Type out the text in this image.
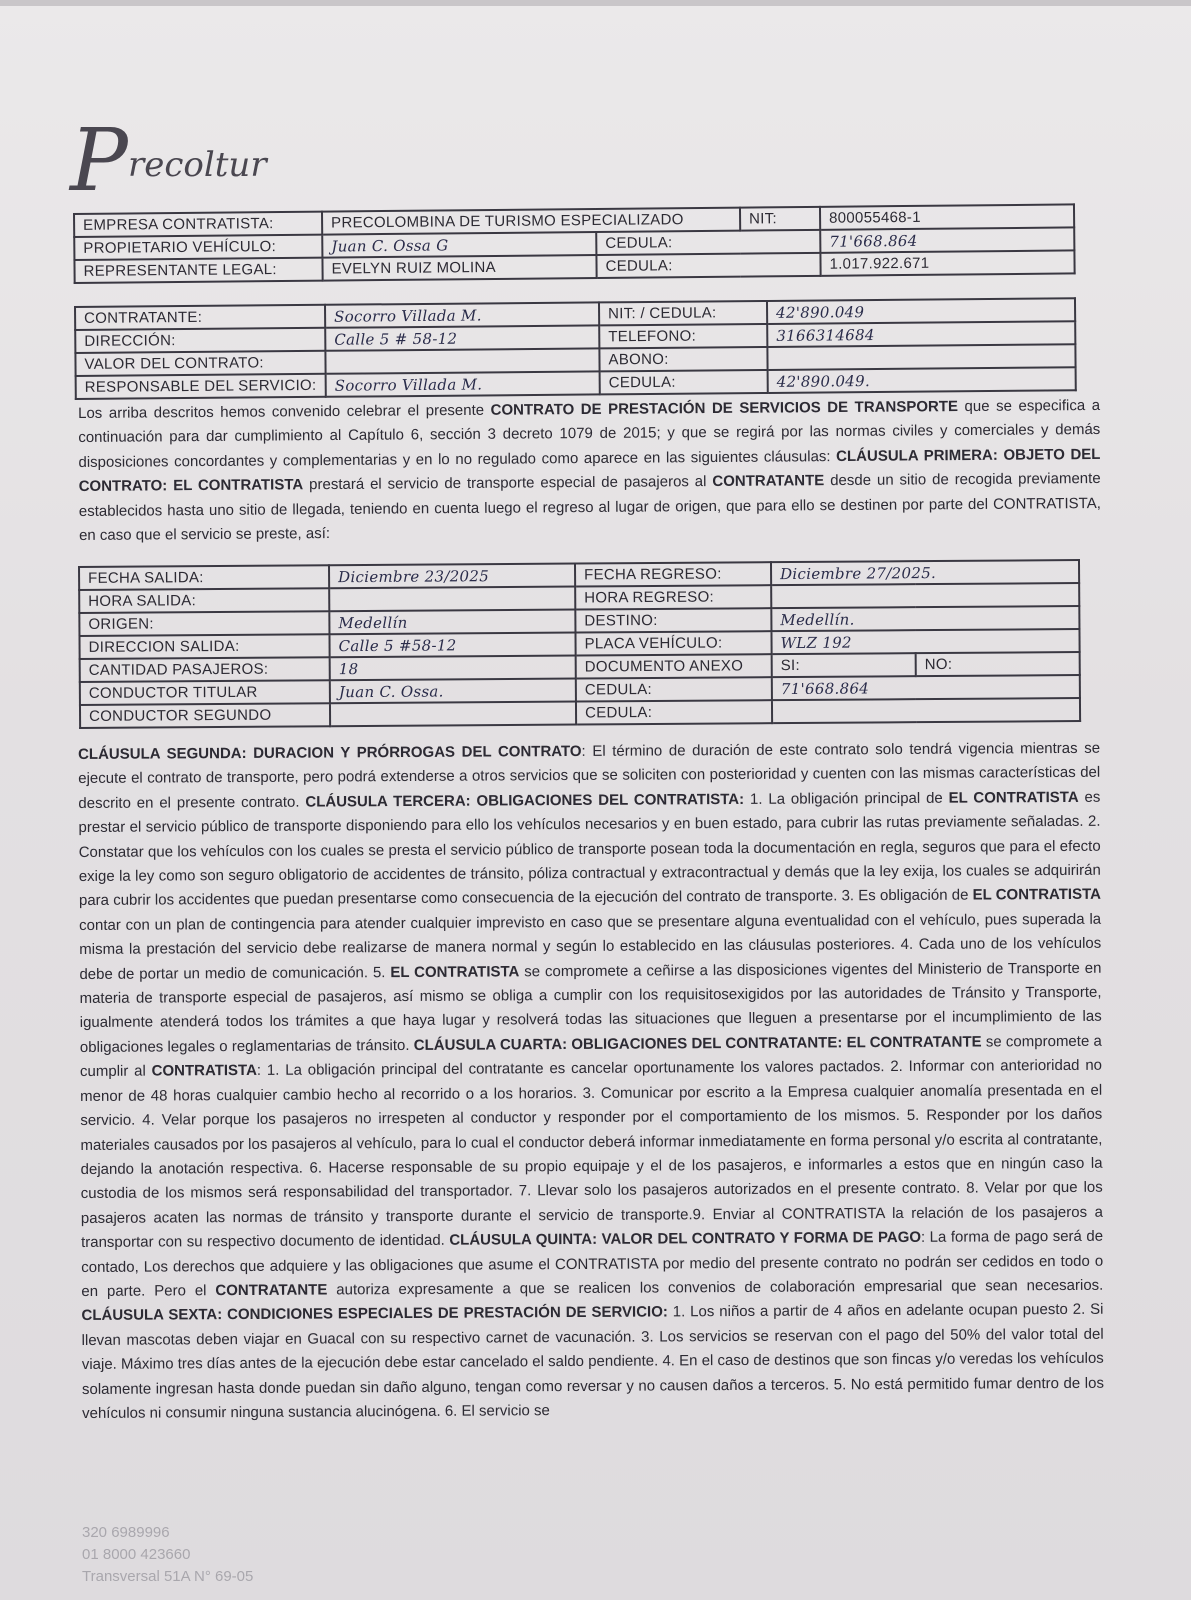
P recoltur
EMPRESA CONTRATISTA:	PRECOLOMBINA DE TURISMO ESPECIALIZADO		NIT:	800055468-1
PROPIETARIO VEHÍCULO:	Juan C. Ossa G	CEDULA:		71'668.864
REPRESENTANTE LEGAL:	EVELYN RUIZ MOLINA	CEDULA:		1.017.922.671
CONTRATANTE:	Socorro Villada M.	NIT: / CEDULA:	42'890.049
DIRECCIÓN:	Calle 5 # 58-12	TELEFONO:	3166314684
VALOR DEL CONTRATO:		ABONO:	
RESPONSABLE DEL SERVICIO:	Socorro Villada M.	CEDULA:	42'890.049.

Los arriba descritos hemos convenido celebrar el presente CONTRATO DE PRESTACIÓN DE SERVICIOS DE TRANSPORTE que se especifica a continuación para dar cumplimiento al Capítulo 6, sección 3 decreto 1079 de 2015; y que se regirá por las normas civiles y comerciales y demás disposiciones concordantes y complementarias y en lo no regulado como aparece en las siguientes cláusulas: CLÁUSULA PRIMERA: OBJETO DEL CONTRATO: EL CONTRATISTA prestará el servicio de transporte especial de pasajeros al CONTRATANTE desde un sitio de recogida previamente establecidos hasta uno sitio de llegada, teniendo en cuenta luego el regreso al lugar de origen, que para ello se destinen por parte del CONTRATISTA, en caso que el servicio se preste, así:

FECHA SALIDA:	Diciembre 23/2025	FECHA REGRESO:	Diciembre 27/2025.	
HORA SALIDA:		HORA REGRESO:		
ORIGEN:	Medellín	DESTINO:	Medellín.	
DIRECCION SALIDA:	Calle 5 #58-12	PLACA VEHÍCULO:	WLZ 192	
CANTIDAD PASAJEROS:	18	DOCUMENTO ANEXO	SI:	NO:
CONDUCTOR TITULAR	Juan C. Ossa.	CEDULA:	71'668.864	
CONDUCTOR SEGUNDO		CEDULA:		

CLÁUSULA SEGUNDA: DURACION Y PRÓRROGAS DEL CONTRATO: El término de duración de este contrato solo tendrá vigencia mientras se ejecute el contrato de transporte, pero podrá extenderse a otros servicios que se soliciten con posterioridad y cuenten con las mismas características del descrito en el presente contrato. CLÁUSULA TERCERA: OBLIGACIONES DEL CONTRATISTA: 1. La obligación principal de EL CONTRATISTA es prestar el servicio público de transporte disponiendo para ello los vehículos necesarios y en buen estado, para cubrir las rutas previamente señaladas. 2. Constatar que los vehículos con los cuales se presta el servicio público de transporte posean toda la documentación en regla, seguros que para el efecto exige la ley como son seguro obligatorio de accidentes de tránsito, póliza contractual y extracontractual y demás que la ley exija, los cuales se adquirirán para cubrir los accidentes que puedan presentarse como consecuencia de la ejecución del contrato de transporte. 3. Es obligación de EL CONTRATISTA contar con un plan de contingencia para atender cualquier imprevisto en caso que se presentare alguna eventualidad con el vehículo, pues superada la misma la prestación del servicio debe realizarse de manera normal y según lo establecido en las cláusulas posteriores. 4. Cada uno de los vehículos debe de portar un medio de comunicación. 5. EL CONTRATISTA se compromete a ceñirse a las disposiciones vigentes del Ministerio de Transporte en materia de transporte especial de pasajeros, así mismo se obliga a cumplir con los requisitosexigidos por las autoridades de Tránsito y Transporte, igualmente atenderá todos los trámites a que haya lugar y resolverá todas las situaciones que lleguen a presentarse por el incumplimiento de las obligaciones legales o reglamentarias de tránsito. CLÁUSULA CUARTA: OBLIGACIONES DEL CONTRATANTE: EL CONTRATANTE se compromete a cumplir al CONTRATISTA: 1. La obligación principal del contratante es cancelar oportunamente los valores pactados. 2. Informar con anterioridad no menor de 48 horas cualquier cambio hecho al recorrido o a los horarios. 3. Comunicar por escrito a la Empresa cualquier anomalía presentada en el servicio. 4. Velar porque los pasajeros no irrespeten al conductor y responder por el comportamiento de los mismos. 5. Responder por los daños materiales causados por los pasajeros al vehículo, para lo cual el conductor deberá informar inmediatamente en forma personal y/o escrita al contratante, dejando la anotación respectiva. 6. Hacerse responsable de su propio equipaje y el de los pasajeros, e informarles a estos que en ningún caso la custodia de los mismos será responsabilidad del transportador. 7. Llevar solo los pasajeros autorizados en el presente contrato. 8. Velar por que los pasajeros acaten las normas de tránsito y transporte durante el servicio de transporte.9. Enviar al CONTRATISTA la relación de los pasajeros a transportar con su respectivo documento de identidad. CLÁUSULA QUINTA: VALOR DEL CONTRATO Y FORMA DE PAGO: La forma de pago será de contado, Los derechos que adquiere y las obligaciones que asume el CONTRATISTA por medio del presente contrato no podrán ser cedidos en todo o en parte. Pero el CONTRATANTE autoriza expresamente a que se realicen los convenios de colaboración empresarial que sean necesarios. CLÁUSULA SEXTA: CONDICIONES ESPECIALES DE PRESTACIÓN DE SERVICIO: 1. Los niños a partir de 4 años en adelante ocupan puesto 2. Si llevan mascotas deben viajar en Guacal con su respectivo carnet de vacunación. 3. Los servicios se reservan con el pago del 50% del valor total del viaje. Máximo tres días antes de la ejecución debe estar cancelado el saldo pendiente. 4. En el caso de destinos que son fincas y/o veredas los vehículos solamente ingresan hasta donde puedan sin daño alguno, tengan como reversar y no causen daños a terceros. 5. No está permitido fumar dentro de los vehículos ni consumir ninguna sustancia alucinógena. 6. El servicio se

320 6989996
01 8000 423660
Transversal 51A N° 69-05
